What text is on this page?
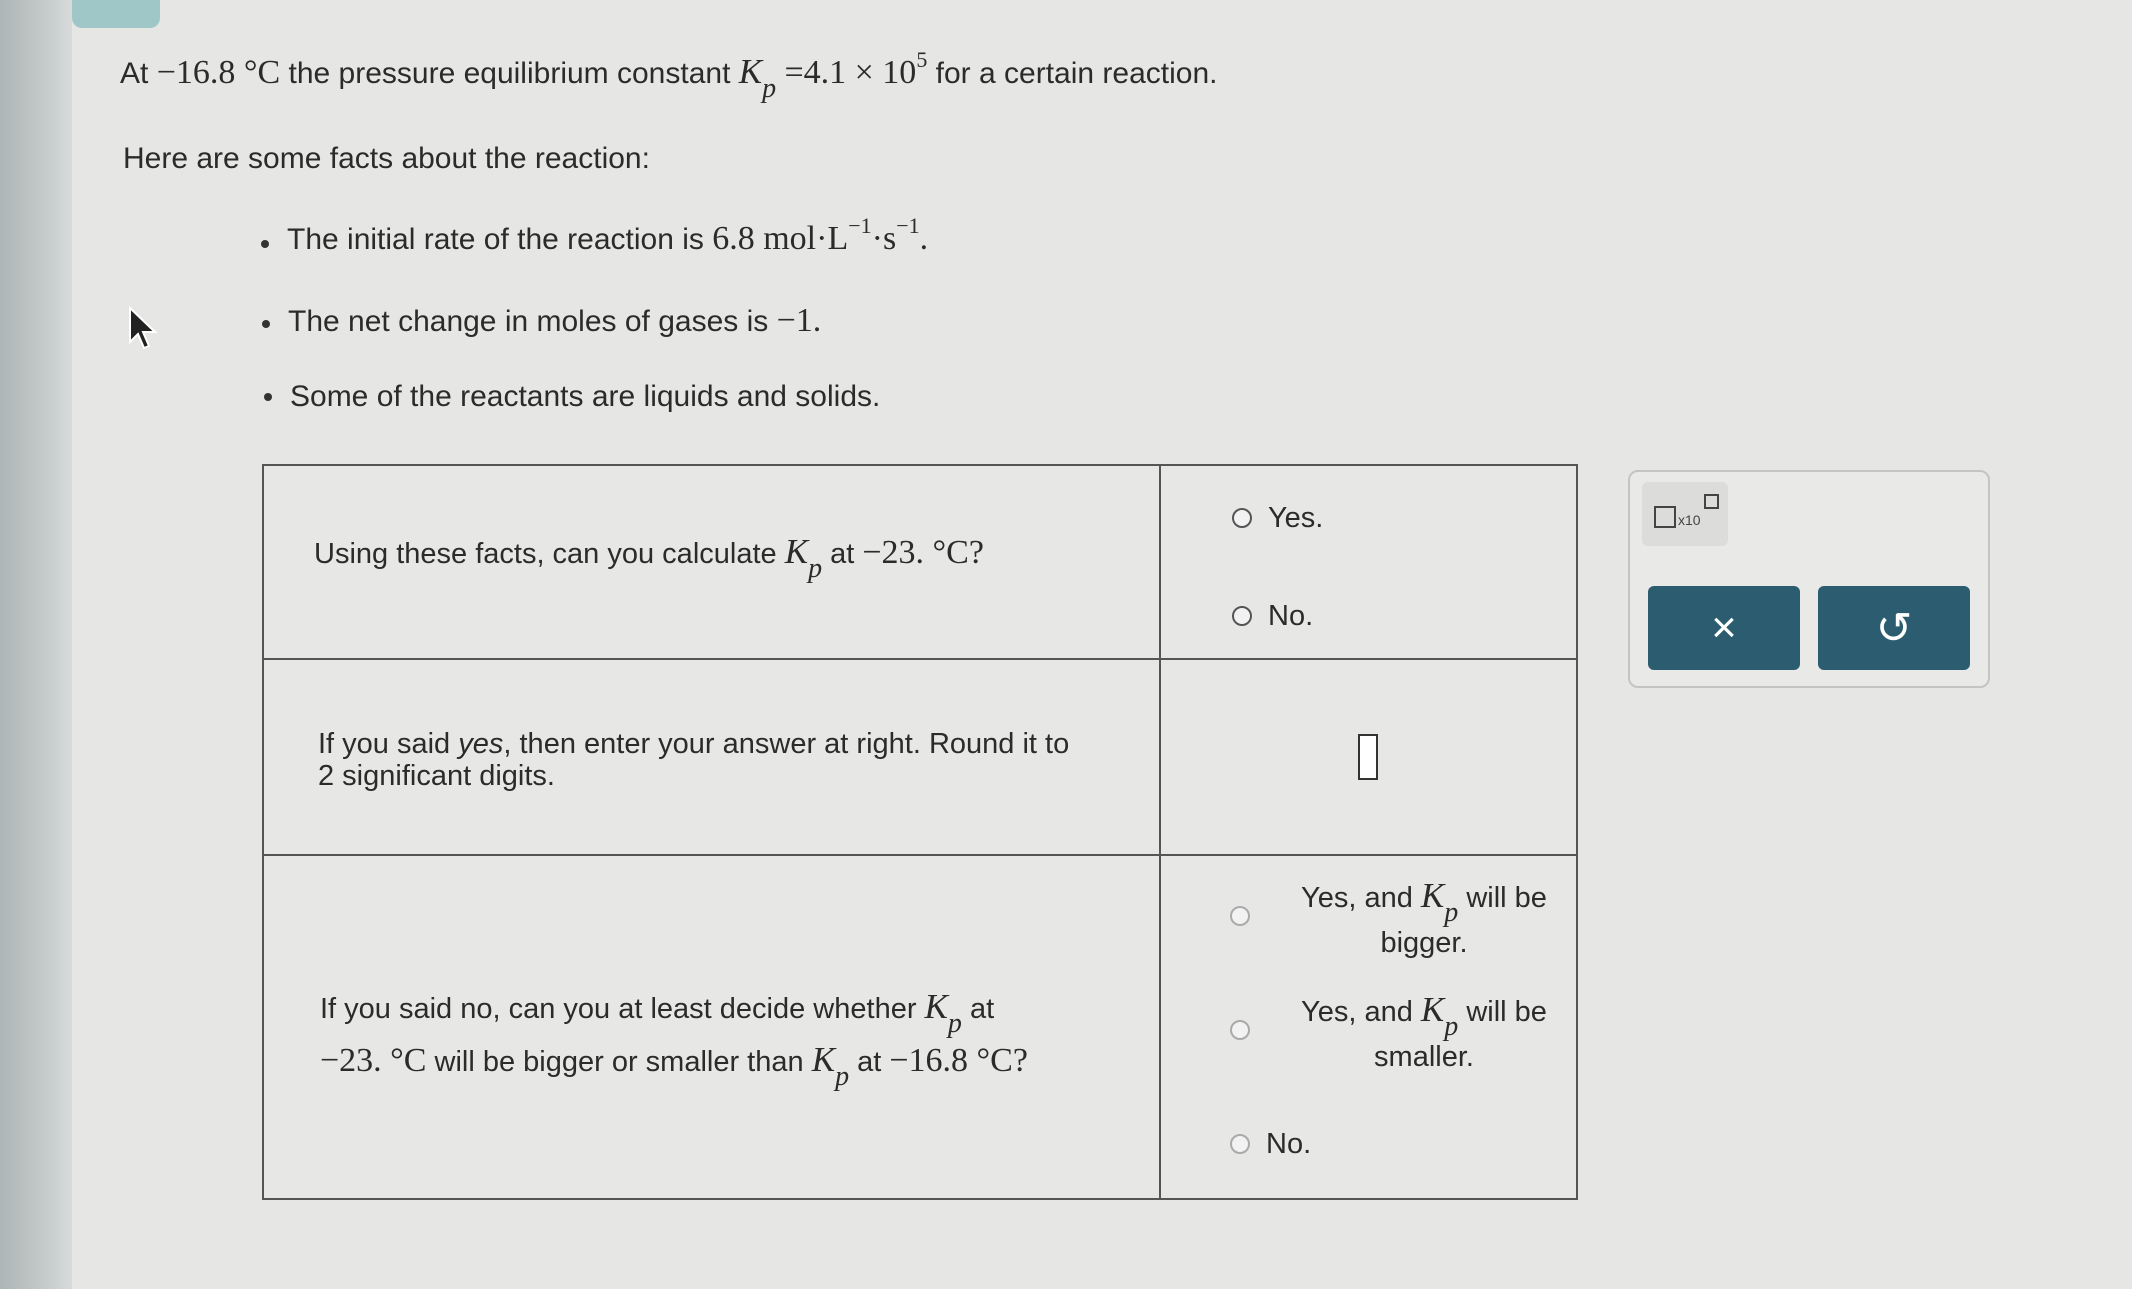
At −16.8 °C the pressure equilibrium constant $Kp =4.1 \times 10^5$ for a certain reaction.
Here are some facts about the reaction:
The initial rate of the reaction is 6.8 $mol\cdot L^{-1}\cdot s^{-1}$.
The net change in moles of gases is −1.
Some of the reactants are liquids and solids.
Using these facts, can you calculate Kp at −23. °C?
Yes.
No.
If you said yes, then enter your answer at right. Round it to
2 significant digits.
If you said no, can you at least decide whether Kp at
−23. °C will be bigger or smaller than Kp at −16.8 °C?
Yes, and Kp will be
bigger.
Yes, and Kp will be
smaller.
No.
x10
×	↺
